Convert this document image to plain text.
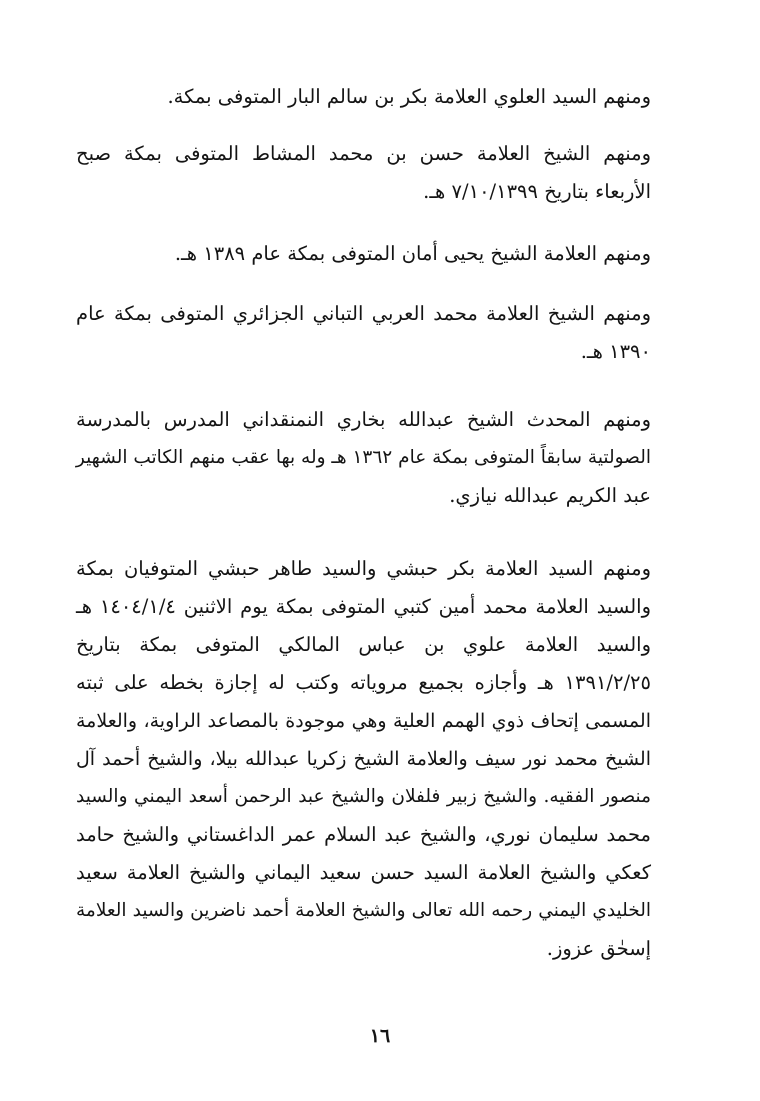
ومنهم السيد العلوي العلامة بكر بن سالم البار المتوفى بمكة.
ومنهم الشيخ العلامة حسن بن محمد المشاط المتوفى بمكة صبح
الأربعاء بتاريخ ٧/١٠/١٣٩٩ هـ.
ومنهم العلامة الشيخ يحيى أمان المتوفى بمكة عام ١٣٨٩ هـ.
ومنهم الشيخ العلامة محمد العربي التباني الجزائري المتوفى بمكة عام
١٣٩٠ هـ.
ومنهم المحدث الشيخ عبدالله بخاري النمنقداني المدرس بالمدرسة
الصولتية سابقاً المتوفى بمكة عام ١٣٦٢ هـ وله بها عقب منهم الكاتب الشهير
عبد الكريم عبدالله نيازي.
ومنهم السيد العلامة بكر حبشي والسيد طاهر حبشي المتوفيان بمكة
والسيد العلامة محمد أمين كتبي المتوفى بمكة يوم الاثنين ١٤٠٤/١/٤ هـ
والسيد العلامة علوي بن عباس المالكي المتوفى بمكة بتاريخ
١٣٩١/٢/٢٥ هـ وأجازه بجميع مروياته وكتب له إجازة بخطه على ثبته
المسمى إتحاف ذوي الهمم العلية وهي موجودة بالمصاعد الراوية، والعلامة
الشيخ محمد نور سيف والعلامة الشيخ زكريا عبدالله بيلا، والشيخ أحمد آل
منصور الفقيه. والشيخ زبير فلفلان والشيخ عبد الرحمن أسعد اليمني والسيد
محمد سليمان نوري، والشيخ عبد السلام عمر الداغستاني والشيخ حامد
كعكي والشيخ العلامة السيد حسن سعيد اليماني والشيخ العلامة سعيد
الخليدي اليمني رحمه الله تعالى والشيخ العلامة أحمد ناضرين والسيد العلامة
إسحٰق عزوز.
١٦
